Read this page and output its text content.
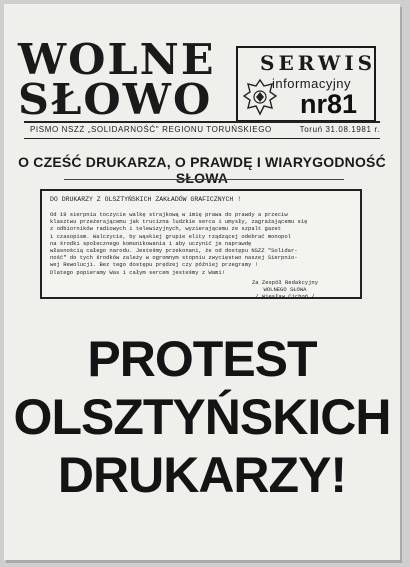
WOLNE
SŁOWO
SERWIS
informacyjny
nr81
PISMO NSZZ „SOLIDARNOŚĆ" REGIONU TORUŃSKIEGO	Toruń 31.08.1981 r.
O CZEŚĆ DRUKARZA, O PRAWDĘ I WIARYGODNOŚĆ SŁOWA
DO DRUKARZY Z OLSZTYŃSKICH ZAKŁADÓW GRAFICZNYCH !
Od 19 sierpnia toczycie walkę strajkową w imię prawa do prawdy a przeciw
klasztwu przeżerającemu jak trucizna ludzkie serca i umysły, zagrażającemu się
z odbiorników radiowych i telewizyjnych, wyzierającemu ze szpalt gazet
i czasopism. Walczycie, by wąskiej grupie elity rządzącej odebrać monopol
na środki społecznego komunikowania i aby uczynić je naprawdę
własnością całego narodu. Jesteśmy przekonani, że od dostępu NSZZ "Solidar-
ność" do tych środków zależy w ogromnym stopniu zwycięstwo naszej Sierpnio-
wej Rewolucji. Bez tego dostępu prędzej czy później przegramy !
Dlatego popieramy Was i całym sercem jesteśmy z Wami!
Za Zespół Redakcyjny
WOLNEGO SŁOWA
/ Wiesław Cichoń /
PROTEST
OLSZTYŃSKICH
DRUKARZY!
